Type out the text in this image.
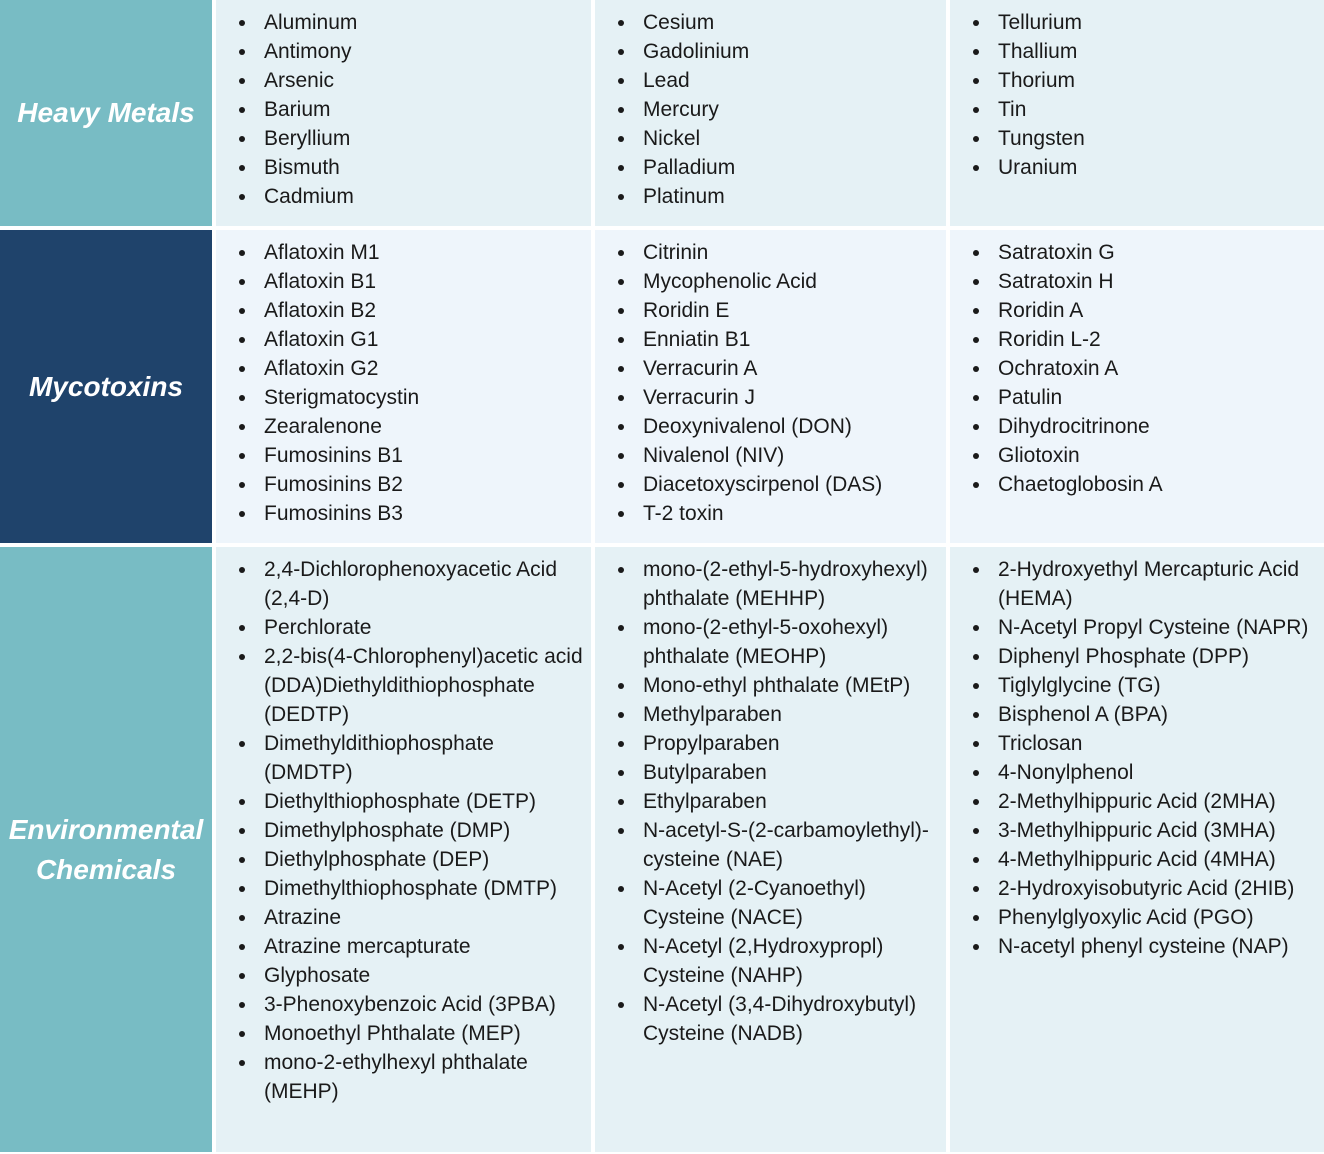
Heavy Metals
Aluminum
Antimony
Arsenic
Barium
Beryllium
Bismuth
Cadmium
Cesium
Gadolinium
Lead
Mercury
Nickel
Palladium
Platinum
Tellurium
Thallium
Thorium
Tin
Tungsten
Uranium
Mycotoxins
Aflatoxin M1
Aflatoxin B1
Aflatoxin B2
Aflatoxin G1
Aflatoxin G2
Sterigmatocystin
Zearalenone
Fumosinins B1
Fumosinins B2
Fumosinins B3
Citrinin
Mycophenolic Acid
Roridin E
Enniatin B1
Verracurin A
Verracurin J
Deoxynivalenol (DON)
Nivalenol (NIV)
Diacetoxyscirpenol (DAS)
T-2 toxin
Satratoxin G
Satratoxin H
Roridin A
Roridin L-2
Ochratoxin A
Patulin
Dihydrocitrinone
Gliotoxin
Chaetoglobosin A
Environmental Chemicals
2,4-Dichlorophenoxyacetic Acid (2,4-D)
Perchlorate
2,2-bis(4-Chlorophenyl)acetic acid (DDA)Diethyldithiophosphate (DEDTP)
Dimethyldithiophosphate (DMDTP)
Diethylthiophosphate (DETP)
Dimethylphosphate (DMP)
Diethylphosphate (DEP)
Dimethylthiophosphate (DMTP)
Atrazine
Atrazine mercapturate
Glyphosate
3-Phenoxybenzoic Acid (3PBA)
Monoethyl Phthalate (MEP)
mono-2-ethylhexyl phthalate (MEHP)
mono-(2-ethyl-5-hydroxyhexyl) phthalate (MEHHP)
mono-(2-ethyl-5-oxohexyl) phthalate (MEOHP)
Mono-ethyl phthalate (MEtP)
Methylparaben
Propylparaben
Butylparaben
Ethylparaben
N-acetyl-S-(2-carbamoylethyl)-cysteine (NAE)
N-Acetyl (2-Cyanoethyl) Cysteine (NACE)
N-Acetyl (2,Hydroxypropl) Cysteine (NAHP)
N-Acetyl (3,4-Dihydroxybutyl) Cysteine (NADB)
2-Hydroxyethyl Mercapturic Acid (HEMA)
N-Acetyl Propyl Cysteine (NAPR)
Diphenyl Phosphate (DPP)
Tiglylglycine (TG)
Bisphenol A (BPA)
Triclosan
4-Nonylphenol
2-Methylhippuric Acid (2MHA)
3-Methylhippuric Acid (3MHA)
4-Methylhippuric Acid (4MHA)
2-Hydroxyisobutyric Acid (2HIB)
Phenylglyoxylic Acid (PGO)
N-acetyl phenyl cysteine (NAP)
